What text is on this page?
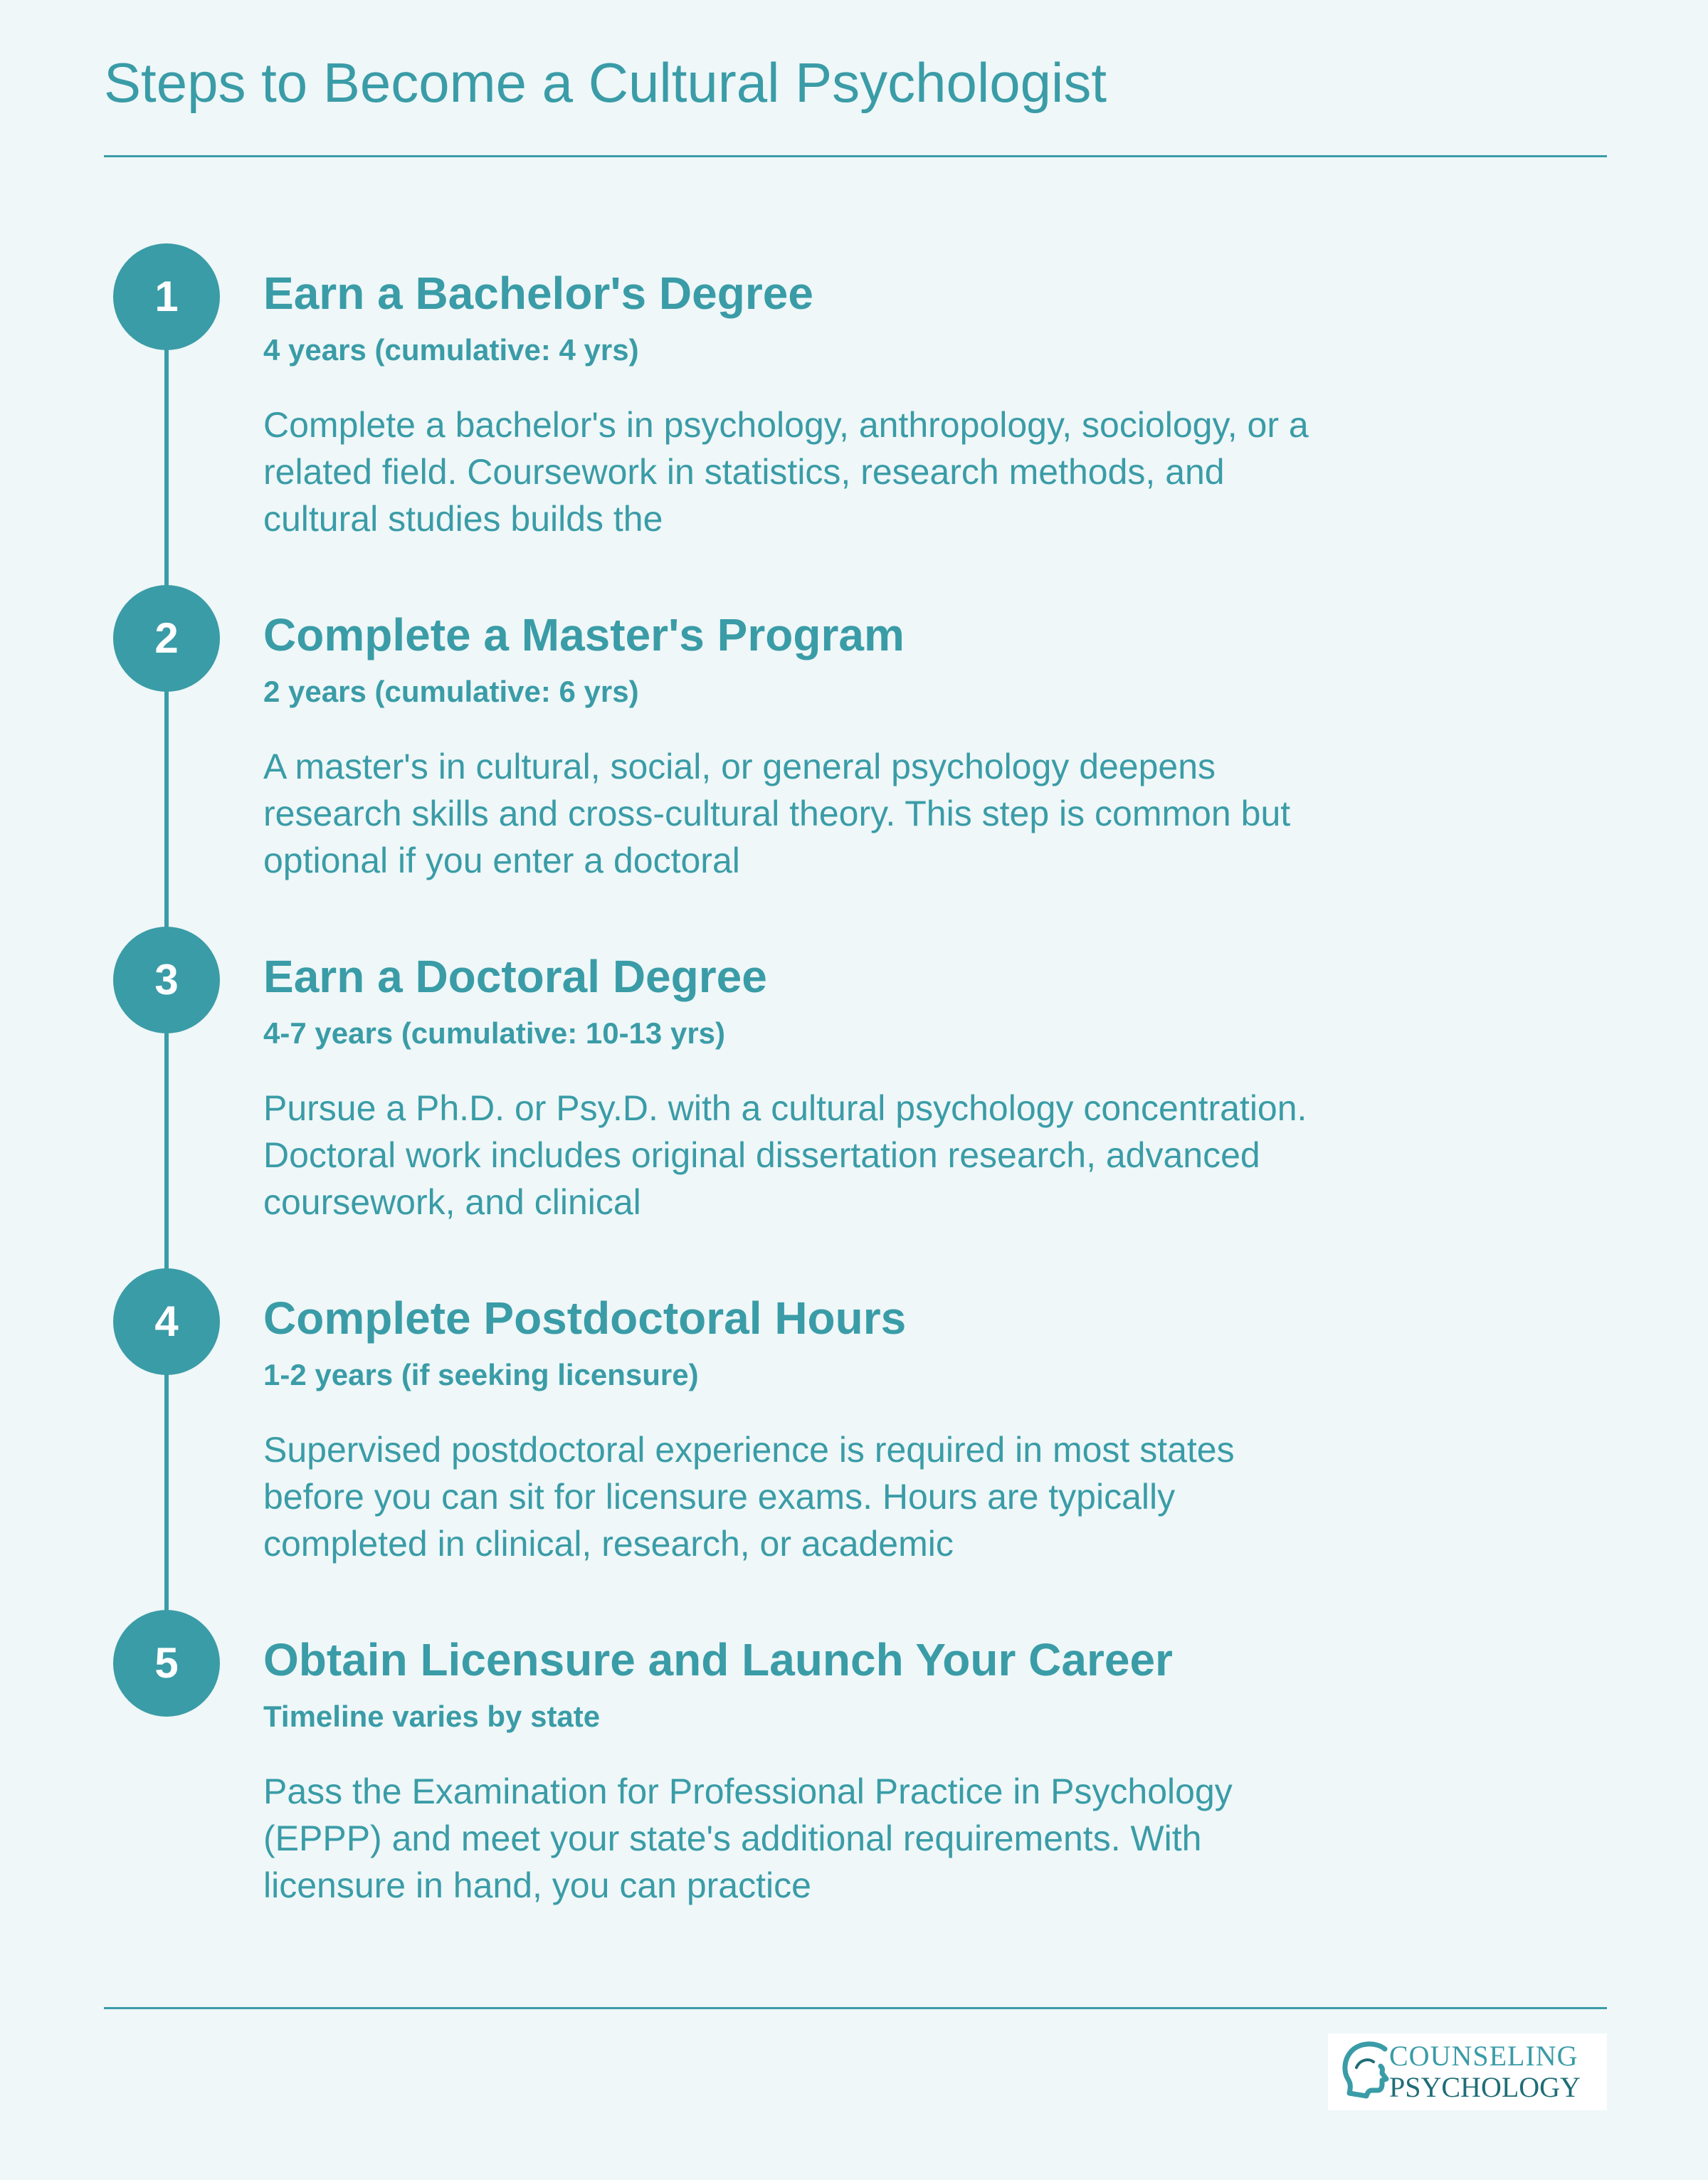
Steps to Become a Cultural Psychologist
1	Earn a Bachelor's Degree
4 years (cumulative: 4 yrs)

Complete a bachelor's in psychology, anthropology, sociology, or a related field. Coursework in statistics, research methods, and cultural studies builds the

2	Complete a Master's Program
2 years (cumulative: 6 yrs)

A master's in cultural, social, or general psychology deepens research skills and cross-cultural theory. This step is common but optional if you enter a doctoral

3	Earn a Doctoral Degree
4-7 years (cumulative: 10-13 yrs)

Pursue a Ph.D. or Psy.D. with a cultural psychology concentration. Doctoral work includes original dissertation research, advanced coursework, and clinical

4	Complete Postdoctoral Hours
1-2 years (if seeking licensure)

Supervised postdoctoral experience is required in most states before you can sit for licensure exams. Hours are typically completed in clinical, research, or academic

5	Obtain Licensure and Launch Your Career
Timeline varies by state

Pass the Examination for Professional Practice in Psychology (EPPP) and meet your state's additional requirements. With licensure in hand, you can practice

COUNSELING
PSYCHOLOGY
